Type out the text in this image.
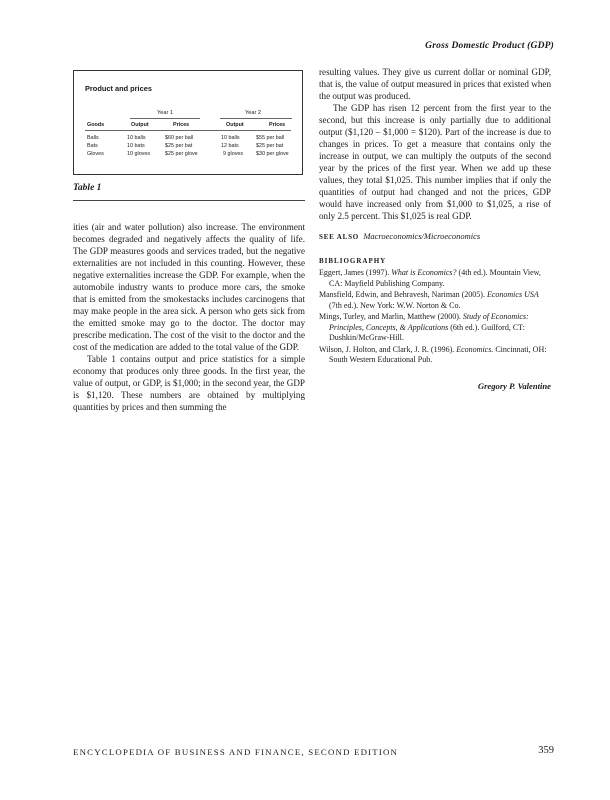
Gross Domestic Product (GDP)
Product and prices
Year 1	Year 2
Goods	Output	Prices	Output	Prices
Balls	10 balls	$60 per ball	10 balls	$55 per ball
Bats	10 bats	$25 per bat	12 bats	$25 per bat
Gloves	10 gloves	$25 per glove	9 gloves $30 per glove
Table 1

ities (air and water pollution) also increase. The environment becomes degraded and negatively affects the quality of life. The GDP measures goods and services traded, but the negative externalities are not included in this counting. However, these negative externalities increase the GDP. For example, when the automobile industry wants to produce more cars, the smoke that is emitted from the smokestacks includes carcinogens that may make people in the area sick. A person who gets sick from the emitted smoke may go to the doctor. The doctor may prescribe medication. The cost of the visit to the doctor and the cost of the medication are added to the total value of the GDP.

Table 1 contains output and price statistics for a simple economy that produces only three goods. In the first year, the value of output, or GDP, is $1,000; in the second year, the GDP is $1,120. These numbers are obtained by multiplying quantities by prices and then summing the

resulting values. They give us current dollar or nominal GDP, that is, the value of output measured in prices that existed when the output was produced.

The GDP has risen 12 percent from the first year to the second, but this increase is only partially due to additional output ($1,120 – $1,000 = $120). Part of the increase is due to changes in prices. To get a measure that contains only the increase in output, we can multiply the outputs of the second year by the prices of the first year. When we add up these values, they total $1,025. This number implies that if only the quantities of output had changed and not the prices, GDP would have increased only from $1,000 to $1,025, a rise of only 2.5 percent. This $1,025 is real GDP.

SEE ALSO Macroeconomics/Microeconomics

BIBLIOGRAPHY

Eggert, James (1997). What is Economics? (4th ed.). Mountain View, CA: Mayfield Publishing Company.

Mansfield, Edwin, and Behravesh, Nariman (2005). Economics USA (7th ed.). New York: W.W. Norton & Co.

Mings, Turley, and Marlin, Matthew (2000). Study of Economics: Principles, Concepts, & Applications (6th ed.). Guilford, CT: Dushkin/McGraw-Hill.

Wilson, J. Holton, and Clark, J. R. (1996). Economics. Cincinnati, OH: South Western Educational Pub.

Gregory P. Valentine

ENCYCLOPEDIA OF BUSINESS AND FINANCE, SECOND EDITION	359
